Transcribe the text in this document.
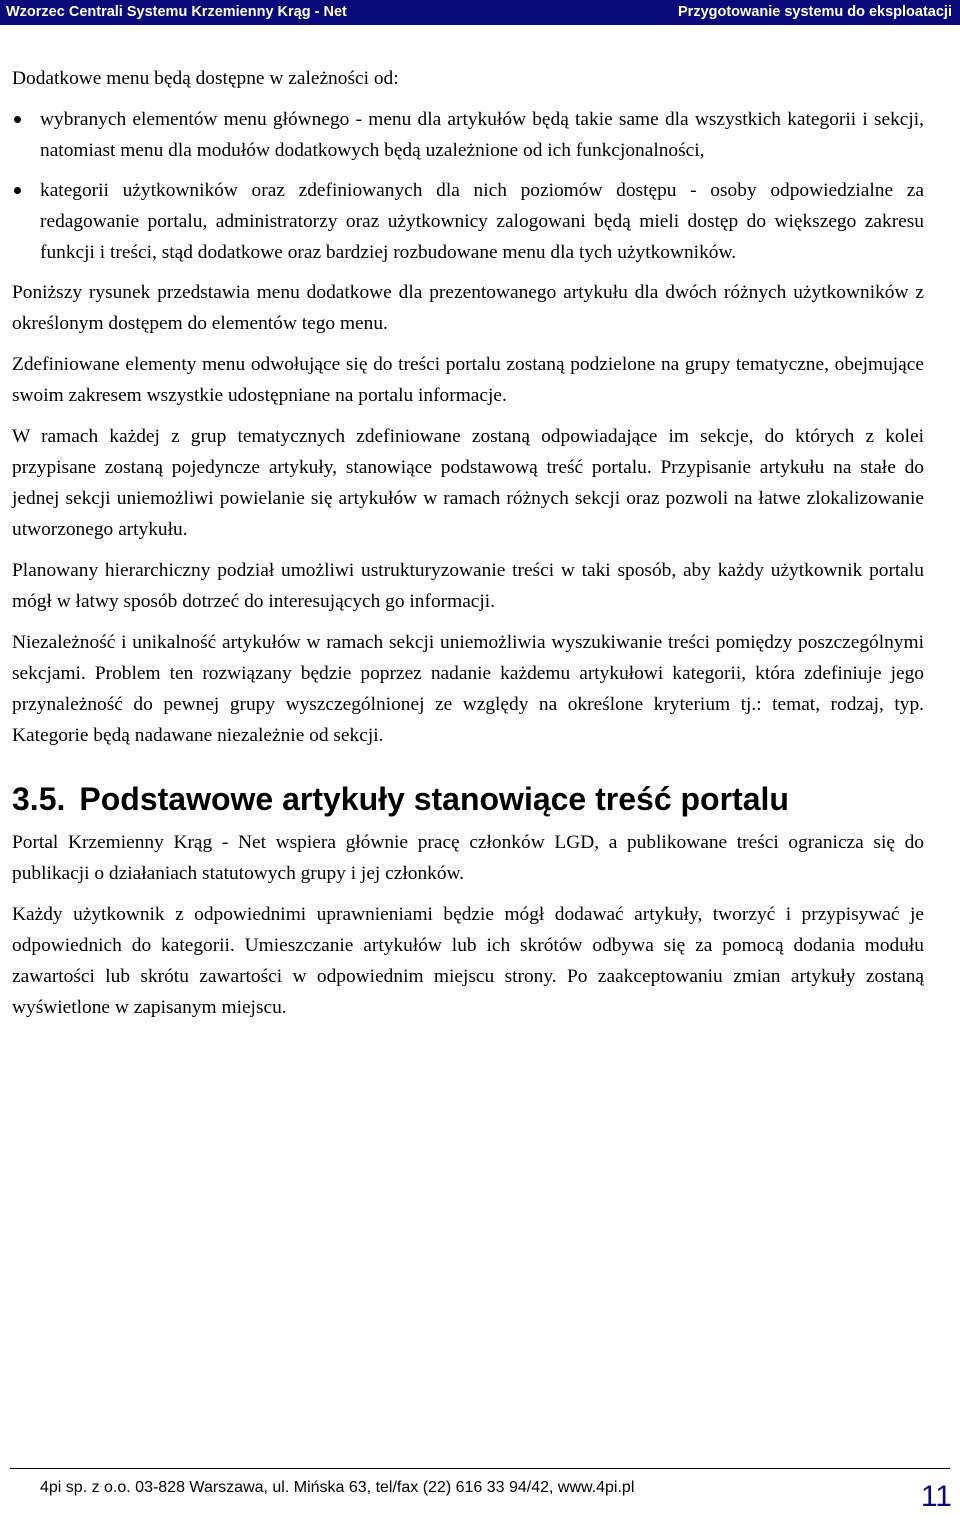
Wzorzec Centrali Systemu Krzemienny Krąg - Net	Przygotowanie systemu do eksploatacji

Dodatkowe menu będą dostępne w zależności od:

wybranych elementów menu głównego - menu dla artykułów będą takie same dla wszystkich kategorii i sekcji, natomiast menu dla modułów dodatkowych będą uzależnione od ich funkcjonalności,
kategorii użytkowników oraz zdefiniowanych dla nich poziomów dostępu - osoby odpowiedzialne za redagowanie portalu, administratorzy oraz użytkownicy zalogowani będą mieli dostęp do większego zakresu funkcji i treści, stąd dodatkowe oraz bardziej rozbudowane menu dla tych użytkowników.

Poniższy rysunek przedstawia menu dodatkowe dla prezentowanego artykułu dla dwóch różnych użytkowników z określonym dostępem do elementów tego menu.

Zdefiniowane elementy menu odwołujące się do treści portalu zostaną podzielone na grupy tematyczne, obejmujące swoim zakresem wszystkie udostępniane na portalu informacje.

W ramach każdej z grup tematycznych zdefiniowane zostaną odpowiadające im sekcje, do których z kolei przypisane zostaną pojedyncze artykuły, stanowiące podstawową treść portalu. Przypisanie artykułu na stałe do jednej sekcji uniemożliwi powielanie się artykułów w ramach różnych sekcji oraz pozwoli na łatwe zlokalizowanie utworzonego artykułu.

Planowany hierarchiczny podział umożliwi ustrukturyzowanie treści w taki sposób, aby każdy użytkownik portalu mógł w łatwy sposób dotrzeć do interesujących go informacji.

Niezależność i unikalność artykułów w ramach sekcji uniemożliwia wyszukiwanie treści pomiędzy poszczególnymi sekcjami. Problem ten rozwiązany będzie poprzez nadanie każdemu artykułowi kategorii, która zdefiniuje jego przynależność do pewnej grupy wyszczególnionej ze względy na określone kryterium tj.: temat, rodzaj, typ. Kategorie będą nadawane niezależnie od sekcji.

3.5. Podstawowe artykuły stanowiące treść portalu

Portal Krzemienny Krąg - Net wspiera głównie pracę członków LGD, a publikowane treści ogranicza się do publikacji o działaniach statutowych grupy i jej członków.

Każdy użytkownik z odpowiednimi uprawnieniami będzie mógł dodawać artykuły, tworzyć i przypisywać je odpowiednich do kategorii. Umieszczanie artykułów lub ich skrótów odbywa się za pomocą dodania modułu zawartości lub skrótu zawartości w odpowiednim miejscu strony. Po zaakceptowaniu zmian artykuły zostaną wyświetlone w zapisanym miejscu.

4pi sp. z o.o. 03-828 Warszawa, ul. Mińska 63, tel/fax (22) 616 33 94/42, www.4pi.pl	11
